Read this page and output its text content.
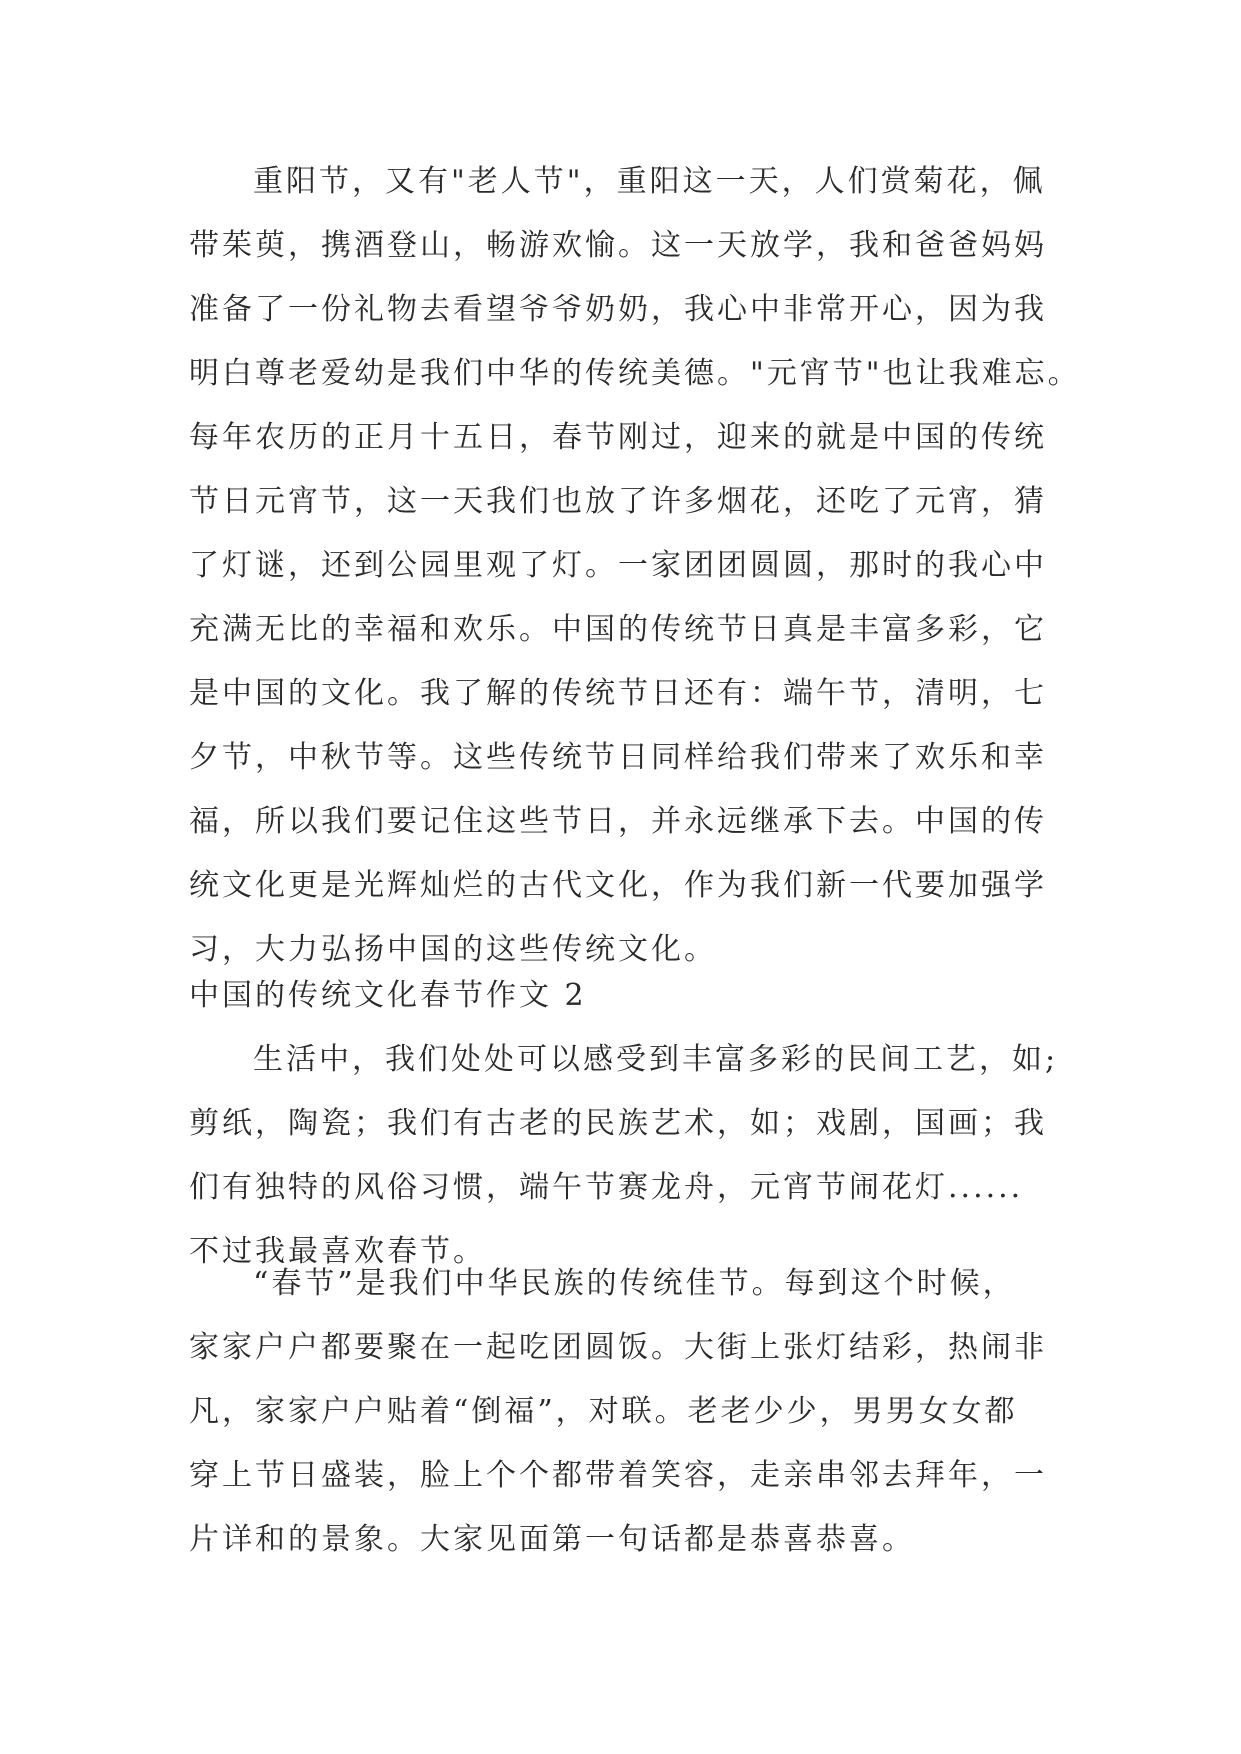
重阳节，又有"老人节"，重阳这一天，人们赏菊花，佩
带茱萸，携酒登山，畅游欢愉。这一天放学，我和爸爸妈妈
准备了一份礼物去看望爷爷奶奶，我心中非常开心，因为我
明白尊老爱幼是我们中华的传统美德。"元宵节"也让我难忘。
每年农历的正月十五日，春节刚过，迎来的就是中国的传统
节日元宵节，这一天我们也放了许多烟花，还吃了元宵，猜
了灯谜，还到公园里观了灯。一家团团圆圆，那时的我心中
充满无比的幸福和欢乐。中国的传统节日真是丰富多彩，它
是中国的文化。我了解的传统节日还有：端午节，清明，七
夕节，中秋节等。这些传统节日同样给我们带来了欢乐和幸
福，所以我们要记住这些节日，并永远继承下去。中国的传
统文化更是光辉灿烂的古代文化，作为我们新一代要加强学
习，大力弘扬中国的这些传统文化。
中国的传统文化春节作文 2
生活中，我们处处可以感受到丰富多彩的民间工艺，如;
剪纸，陶瓷；我们有古老的民族艺术，如；戏剧，国画；我
们有独特的风俗习惯，端午节赛龙舟，元宵节闹花灯......
不过我最喜欢春节。
“春节”是我们中华民族的传统佳节。每到这个时候，
家家户户都要聚在一起吃团圆饭。大街上张灯结彩，热闹非
凡，家家户户贴着“倒福”，对联。老老少少，男男女女都
穿上节日盛装，脸上个个都带着笑容，走亲串邻去拜年，一
片详和的景象。大家见面第一句话都是恭喜恭喜。
